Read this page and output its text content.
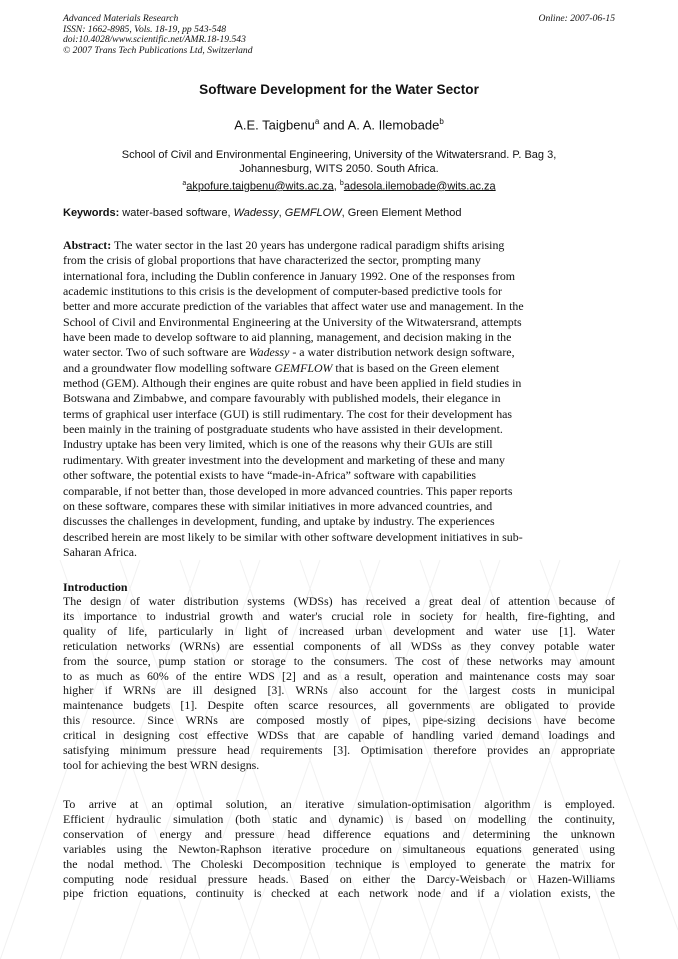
Advanced Materials Research
ISSN: 1662-8985, Vols. 18-19, pp 543-548
doi:10.4028/www.scientific.net/AMR.18-19.543
© 2007 Trans Tech Publications Ltd, Switzerland
Online: 2007-06-15
Software Development for the Water Sector
A.E. Taigbenu$^a$ and A. A. Ilemobade$^b$
School of Civil and Environmental Engineering, University of the Witwatersrand. P. Bag 3,
Johannesburg, WITS 2050. South Africa.
$^a$akpofure.taigbenu@wits.ac.za, $^b$adesola.ilemobade@wits.ac.za
Keywords: water-based software, Wadessy, GEMFLOW, Green Element Method
Abstract: The water sector in the last 20 years has undergone radical paradigm shifts arising
from the crisis of global proportions that have characterized the sector, prompting many
international fora, including the Dublin conference in January 1992. One of the responses from
academic institutions to this crisis is the development of computer-based predictive tools for
better and more accurate prediction of the variables that affect water use and management. In the
School of Civil and Environmental Engineering at the University of the Witwatersrand, attempts
have been made to develop software to aid planning, management, and decision making in the
water sector. Two of such software are Wadessy - a water distribution network design software,
and a groundwater flow modelling software GEMFLOW that is based on the Green element
method (GEM). Although their engines are quite robust and have been applied in field studies in
Botswana and Zimbabwe, and compare favourably with published models, their elegance in
terms of graphical user interface (GUI) is still rudimentary. The cost for their development has
been mainly in the training of postgraduate students who have assisted in their development.
Industry uptake has been very limited, which is one of the reasons why their GUIs are still
rudimentary. With greater investment into the development and marketing of these and many
other software, the potential exists to have “made-in-Africa” software with capabilities
comparable, if not better than, those developed in more advanced countries. This paper reports
on these software, compares these with similar initiatives in more advanced countries, and
discusses the challenges in development, funding, and uptake by industry. The experiences
described herein are most likely to be similar with other software development initiatives in sub-
Saharan Africa.
Introduction
The design of water distribution systems (WDSs) has received a great deal of attention because of
its importance to industrial growth and water's crucial role in society for health, fire-fighting, and
quality of life, particularly in light of increased urban development and water use [1]. Water
reticulation networks (WRNs) are essential components of all WDSs as they convey potable water
from the source, pump station or storage to the consumers. The cost of these networks may amount
to as much as 60% of the entire WDS [2] and as a result, operation and maintenance costs may soar
higher if WRNs are ill designed [3]. WRNs also account for the largest costs in municipal
maintenance budgets [1]. Despite often scarce resources, all governments are obligated to provide
this resource. Since WRNs are composed mostly of pipes, pipe-sizing decisions have become
critical in designing cost effective WDSs that are capable of handling varied demand loadings and
satisfying minimum pressure head requirements [3]. Optimisation therefore provides an appropriate
tool for achieving the best WRN designs.
To arrive at an optimal solution, an iterative simulation-optimisation algorithm is employed.
Efficient hydraulic simulation (both static and dynamic) is based on modelling the continuity,
conservation of energy and pressure head difference equations and determining the unknown
variables using the Newton-Raphson iterative procedure on simultaneous equations generated using
the nodal method. The Choleski Decomposition technique is employed to generate the matrix for
computing node residual pressure heads. Based on either the Darcy-Weisbach or Hazen-Williams
pipe friction equations, continuity is checked at each network node and if a violation exists, the
